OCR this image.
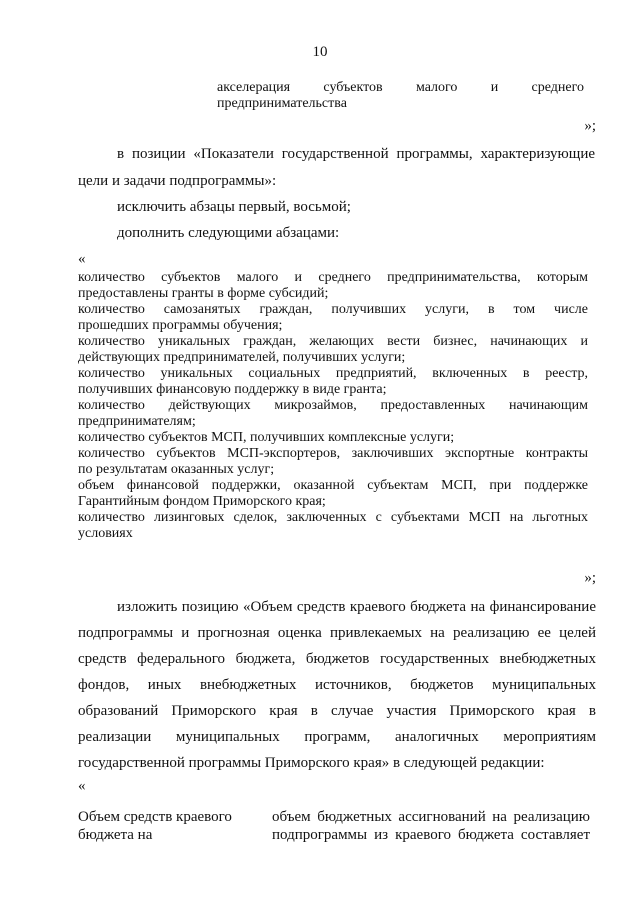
10
акселерация субъектов малого и среднего
предпринимательства
»;
в позиции «Показатели государственной программы, характеризующие
цели и задачи подпрограммы»:
исключить абзацы первый, восьмой;
дополнить следующими абзацами:
«
количество субъектов малого и среднего предпринимательства, которым
предоставлены гранты в форме субсидий;
количество самозанятых граждан, получивших услуги, в том числе
прошедших программы обучения;
количество уникальных граждан, желающих вести бизнес, начинающих и
действующих предпринимателей, получивших услуги;
количество уникальных социальных предприятий, включенных в реестр,
получивших финансовую поддержку в виде гранта;
количество действующих микрозаймов, предоставленных начинающим
предпринимателям;
количество субъектов МСП, получивших комплексные услуги;
количество субъектов МСП-экспортеров, заключивших экспортные контракты
по результатам оказанных услуг;
объем финансовой поддержки, оказанной субъектам МСП, при поддержке
Гарантийным фондом Приморского края;
количество лизинговых сделок, заключенных с субъектами МСП на льготных
условиях
»;
изложить позицию «Объем средств краевого бюджета на финансирование
подпрограммы и прогнозная оценка привлекаемых на реализацию ее целей
средств федерального бюджета, бюджетов государственных внебюджетных
фондов, иных внебюджетных источников, бюджетов муниципальных
образований Приморского края в случае участия Приморского края в
реализации муниципальных программ, аналогичных мероприятиям
государственной программы Приморского края» в следующей редакции:
«
Объем средств краевого
бюджета на
объем бюджетных ассигнований на реализацию
подпрограммы из краевого бюджета составляет
